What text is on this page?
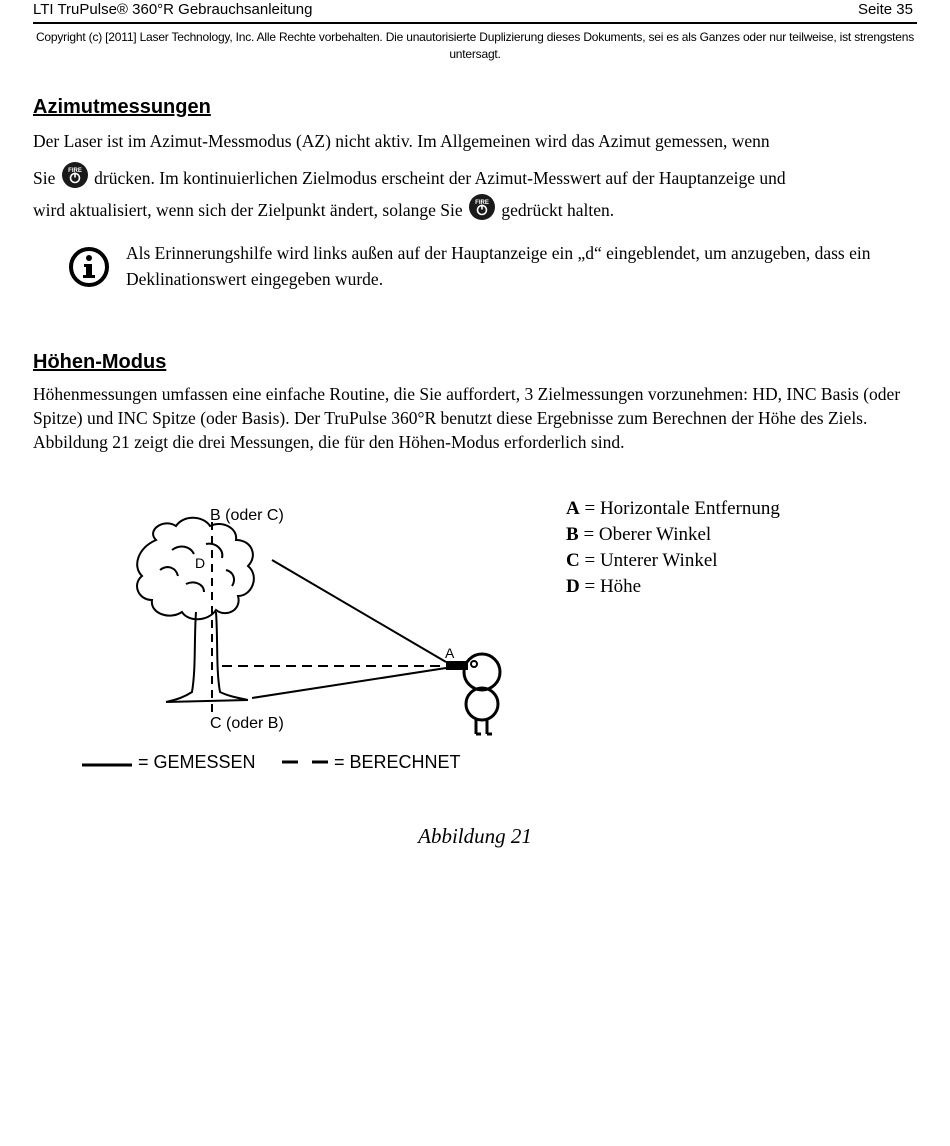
LTI TruPulse® 360°R Gebrauchsanleitung	Seite 35
Copyright (c) [2011] Laser Technology, Inc. Alle Rechte vorbehalten. Die unautorisierte Duplizierung dieses Dokuments, sei es als Ganzes oder nur teilweise, ist strengstens untersagt.
Azimutmessungen

Der Laser ist im Azimut-Messmodus (AZ) nicht aktiv. Im Allgemeinen wird das Azimut gemessen, wenn

Sie FIRE drücken. Im kontinuierlichen Zielmodus erscheint der Azimut-Messwert auf der Hauptanzeige und

wird aktualisiert, wenn sich der Zielpunkt ändert, solange Sie FIRE gedrückt halten.

Als Erinnerungshilfe wird links außen auf der Hauptanzeige ein „d“ eingeblendet, um anzugeben, dass ein Deklinationswert eingegeben wurde.
Höhen-Modus

Höhenmessungen umfassen eine einfache Routine, die Sie auffordert, 3 Zielmessungen vorzunehmen: HD, INC Basis (oder Spitze) und INC Spitze (oder Basis). Der TruPulse 360°R benutzt diese Ergebnisse zum Berechnen der Höhe des Ziels. Abbildung 21 zeigt die drei Messungen, die für den Höhen-Modus erforderlich sind.

B (oder C)
D
A
C (oder B)
= GEMESSEN	= BERECHNET
A = Horizontale Entfernung
B = Oberer Winkel
C = Unterer Winkel
D = Höhe
Abbildung 21
